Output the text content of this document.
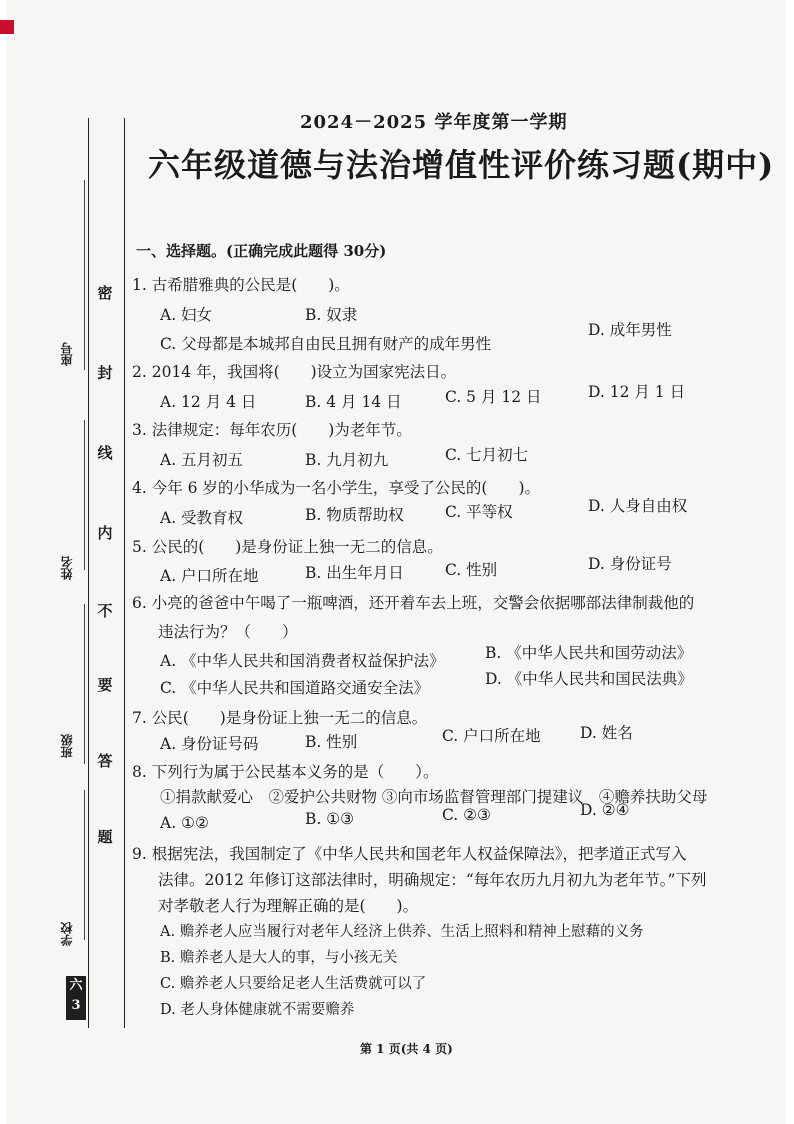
密
封
线
内
不
要
答
题
座号
姓名
班级
学校
六
3
2024－2025 学年度第一学期
六年级道德与法治增值性评价练习题(期中)
一、选择题。(正确完成此题得 30分)
1. 古希腊雅典的公民是(　　)。
A. 妇女	B. 奴隶
C. 父母都是本城邦自由民且拥有财产的成年男性
D. 成年男性
2. 2014 年，我国将(　　)设立为国家宪法日。
A. 12 月 4 日	B. 4 月 14 日	C. 5 月 12 日	D. 12 月 1 日
3. 法律规定：每年农历(　　)为老年节。
A. 五月初五	B. 九月初九	C. 七月初七
4. 今年 6 岁的小华成为一名小学生，享受了公民的(　　)。
A. 受教育权	B. 物质帮助权	C. 平等权	D. 人身自由权
5. 公民的(　　)是身份证上独一无二的信息。
A. 户口所在地	B. 出生年月日	C. 性别	D. 身份证号
6. 小亮的爸爸中午喝了一瓶啤酒，还开着车去上班，交警会依据哪部法律制裁他的
违法行为？（　　）
A. 《中华人民共和国消费者权益保护法》	B. 《中华人民共和国劳动法》
C. 《中华人民共和国道路交通安全法》	D. 《中华人民共和国民法典》
7. 公民(　　)是身份证上独一无二的信息。
A. 身份证号码	B. 性别	C. 户口所在地	D. 姓名
8. 下列行为属于公民基本义务的是（　　）。
①捐款献爱心　②爱护公共财物 ③向市场监督管理部门提建议　④赡养扶助父母
A. ①②	B. ①③	C. ②③	D. ②④
9. 根据宪法，我国制定了《中华人民共和国老年人权益保障法》，把孝道正式写入
法律。2012 年修订这部法律时，明确规定：“每年农历九月初九为老年节。”下列
对孝敬老人行为理解正确的是(　　)。
A. 赡养老人应当履行对老年人经济上供养、生活上照料和精神上慰藉的义务
B. 赡养老人是大人的事，与小孩无关
C. 赡养老人只要给足老人生活费就可以了
D. 老人身体健康就不需要赡养
第 1 页(共 4 页)
